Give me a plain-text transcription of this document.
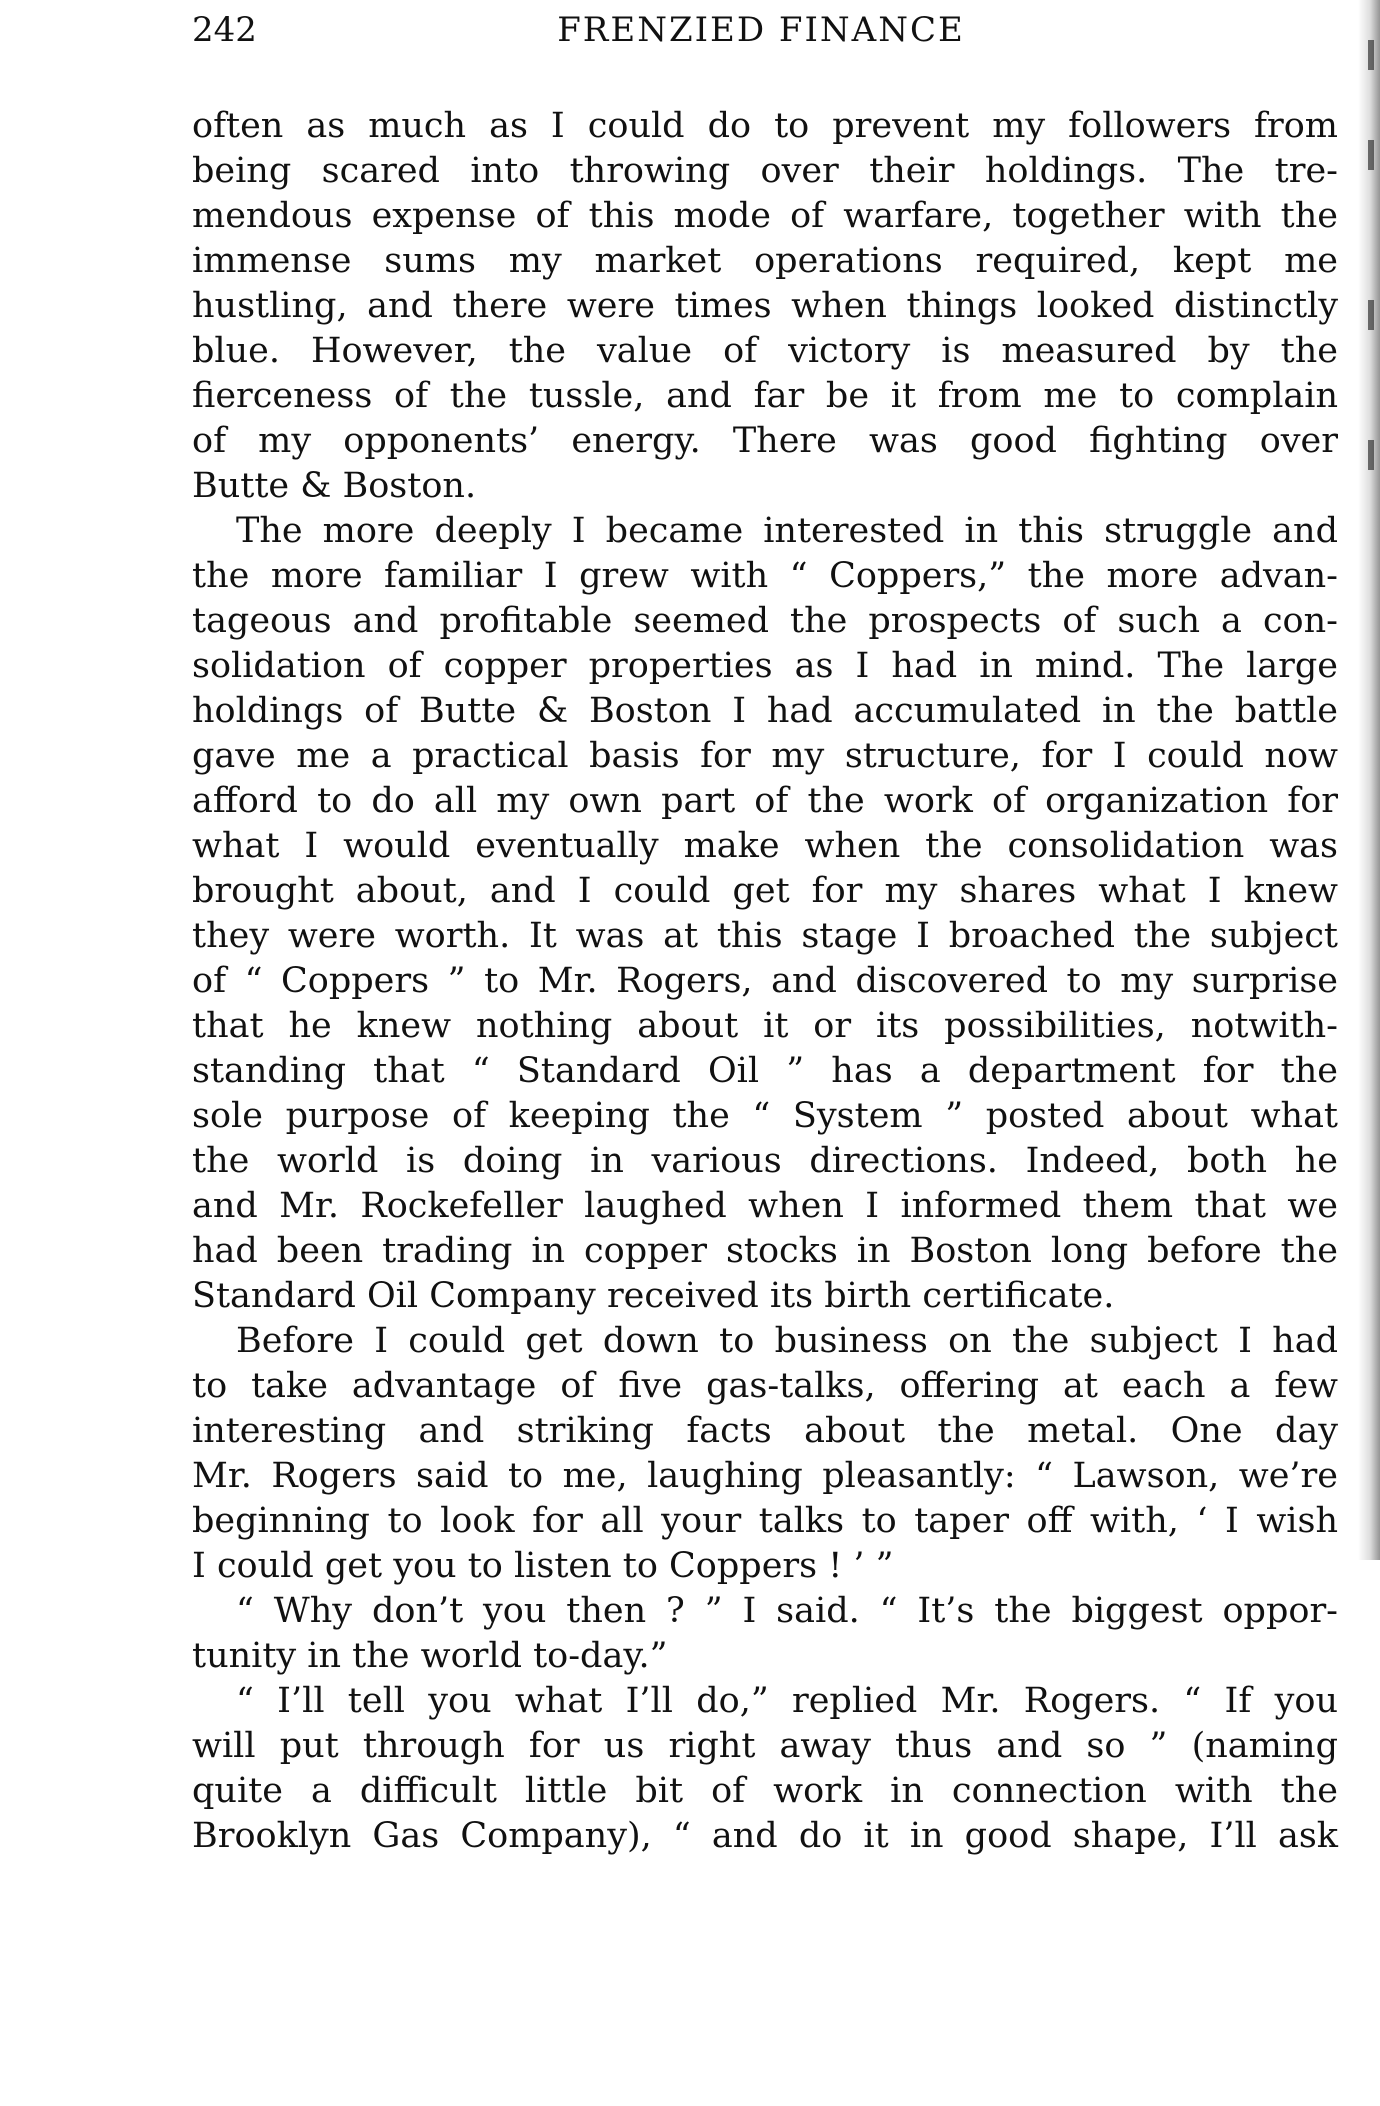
242	FRENZIED FINANCE
often as much as I could do to prevent my followers from
being scared into throwing over their holdings. The tre-
mendous expense of this mode of warfare, together with the
immense sums my market operations required, kept me
hustling, and there were times when things looked distinctly
blue. However, the value of victory is measured by the
fierceness of the tussle, and far be it from me to complain
of my opponents’ energy. There was good fighting over
Butte & Boston.
The more deeply I became interested in this struggle and
the more familiar I grew with “ Coppers,” the more advan-
tageous and profitable seemed the prospects of such a con-
solidation of copper properties as I had in mind. The large
holdings of Butte & Boston I had accumulated in the battle
gave me a practical basis for my structure, for I could now
afford to do all my own part of the work of organization for
what I would eventually make when the consolidation was
brought about, and I could get for my shares what I knew
they were worth. It was at this stage I broached the subject
of “ Coppers ” to Mr. Rogers, and discovered to my surprise
that he knew nothing about it or its possibilities, notwith-
standing that “ Standard Oil ” has a department for the
sole purpose of keeping the “ System ” posted about what
the world is doing in various directions. Indeed, both he
and Mr. Rockefeller laughed when I informed them that we
had been trading in copper stocks in Boston long before the
Standard Oil Company received its birth certificate.
Before I could get down to business on the subject I had
to take advantage of five gas-talks, offering at each a few
interesting and striking facts about the metal. One day
Mr. Rogers said to me, laughing pleasantly: “ Lawson, we’re
beginning to look for all your talks to taper off with, ‘ I wish
I could get you to listen to Coppers ! ’ ”
“ Why don’t you then ? ” I said. “ It’s the biggest oppor-
tunity in the world to-day.”
“ I’ll tell you what I’ll do,” replied Mr. Rogers. “ If you
will put through for us right away thus and so ” (naming
quite a difficult little bit of work in connection with the
Brooklyn Gas Company), “ and do it in good shape, I’ll ask
